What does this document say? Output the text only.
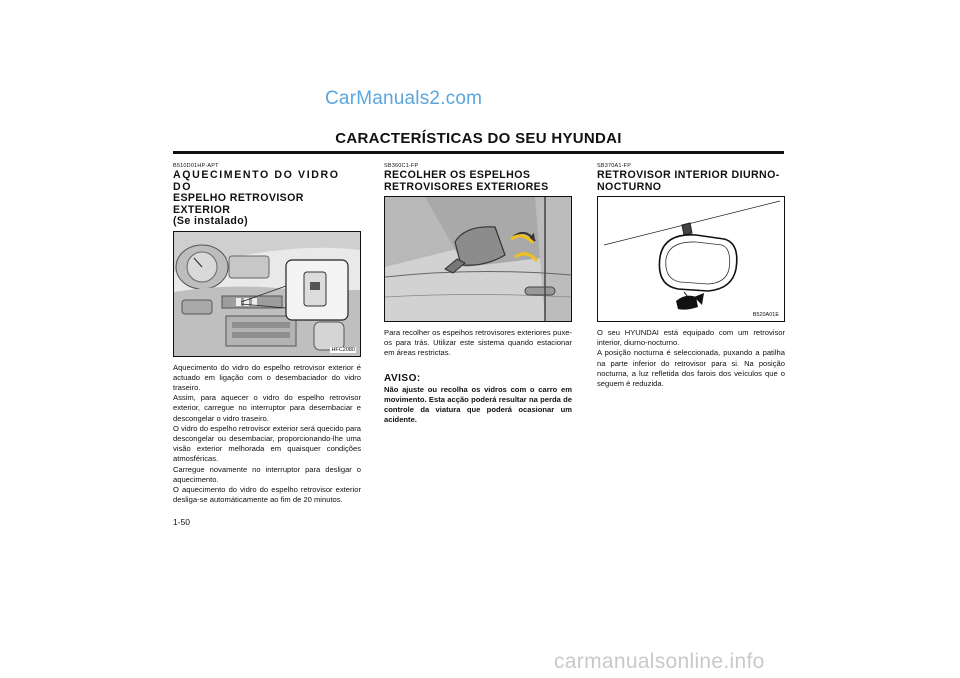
CarManuals2.com
CARACTERÍSTICAS DO SEU HYUNDAI
B510D01HP-APT
AQUECIMENTO DO VIDRO DO
ESPELHO RETROVISOR EXTERIOR
(Se instalado)
HFC2080

Aquecimento do vidro do espelho retrovisor exterior é actuado em ligação com o desembaciador do vidro traseiro.

Assim, para aquecer o vidro do espelho retrovisor exterior, carregue no interruptor para desembaciar e descongelar o vidro traseiro.

O vidro do espelho retrovisor exterior será quecido para descongelar ou desembaciar, proporcionando-lhe uma visão exterior melhorada em quaisquer condições atmosféricas.

Carregue novamente no interruptor para desligar o aquecimento.

O aquecimento do vidro do espelho retrovisor exterior desliga-se automáticamente ao fim de 20 minutos.

SB360C1-FP
RECOLHER OS ESPELHOS
RETROVISORES EXTERIORES

Para recolher os espeihos retrovisores exteriores puxe-os para trás. Utilizar este sistema quando estacionar em áreas restrictas.

AVISO:
Não ajuste ou recolha os vidros com o carro em movimento. Esta acção poderá resultar na perda de controle da viatura que poderá ocasionar um acidente.
SB370A1-FP
RETROVISOR INTERIOR DIURNO-
NOCTURNO
B520A01E

O seu HYUNDAI está equipado com um retrovisor interior, diurno-nocturno.

A posição nocturna é seleccionada, puxando a patilha na parte inferior do retrovisor para si. Na posição nocturna, a luz refletida dos farois dos veículos que o seguem é reduzida.

1-50
carmanualsonline.info
